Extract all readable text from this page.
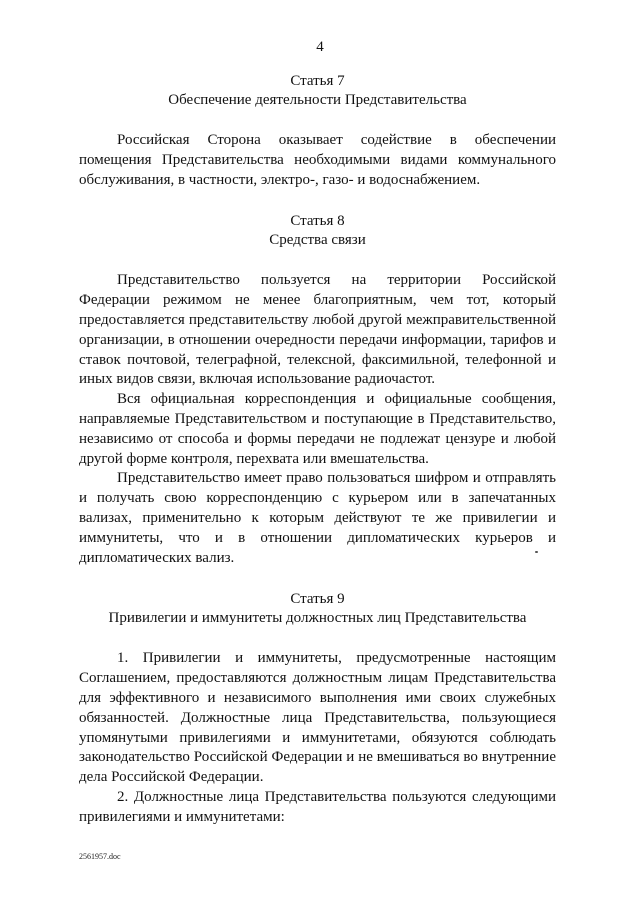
4

Статья 7

Обеспечение деятельности Представительства

Российская Сторона оказывает содействие в обеспечении помещения Представительства необходимыми видами коммунального обслуживания, в частности, электро-, газо- и водоснабжением.

Статья 8

Средства связи

Представительство пользуется на территории Российской Федерации режимом не менее благоприятным, чем тот, который предоставляется представительству любой другой межправительственной организации, в отношении очередности передачи информации, тарифов и ставок почтовой, телеграфной, телексной, факсимильной, телефонной и иных видов связи, включая использование радиочастот.

Вся официальная корреспонденция и официальные сообщения, направляемые Представительством и поступающие в Представительство, независимо от способа и формы передачи не подлежат цензуре и любой другой форме контроля, перехвата или вмешательства.

Представительство имеет право пользоваться шифром и отправлять и получать свою корреспонденцию с курьером или в запечатанных вализах, применительно к которым действуют те же привилегии и иммунитеты, что и в отношении дипломатических курьеров и дипломатических вализ.

Статья 9

Привилегии и иммунитеты должностных лиц Представительства

1. Привилегии и иммунитеты, предусмотренные настоящим Соглашением, предоставляются должностным лицам Представительства для эффективного и независимого выполнения ими своих служебных обязанностей. Должностные лица Представительства, пользующиеся упомянутыми привилегиями и иммунитетами, обязуются соблюдать законодательство Российской Федерации и не вмешиваться во внутренние дела Российской Федерации.

2. Должностные лица Представительства пользуются следующими привилегиями и иммунитетами:

2561957.doc
